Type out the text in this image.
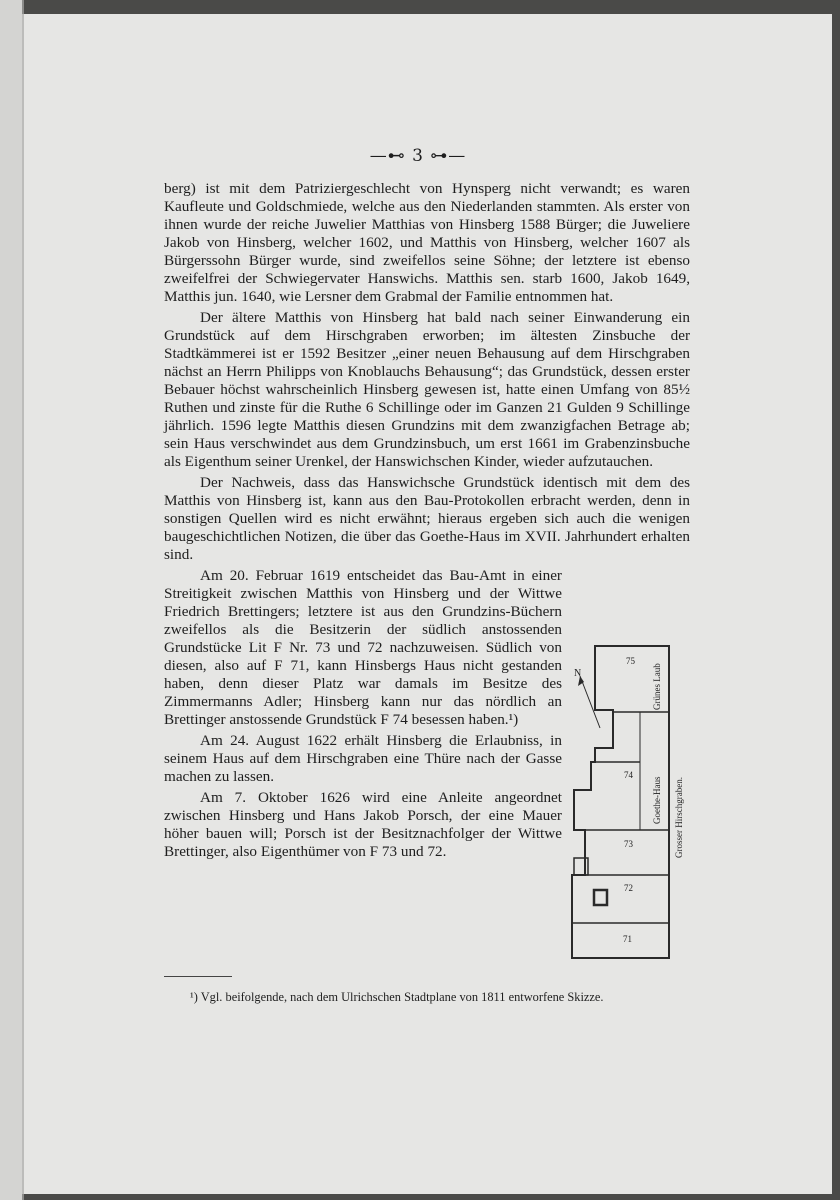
—⊷ 3 ⊶—

berg) ist mit dem Patriziergeschlecht von Hynsperg nicht verwandt; es waren Kaufleute und Goldschmiede, welche aus den Niederlanden stammten. Als erster von ihnen wurde der reiche Juwelier Matthias von Hinsberg 1588 Bürger; die Juweliere Jakob von Hinsberg, welcher 1602, und Matthis von Hinsberg, welcher 1607 als Bürgerssohn Bürger wurde, sind zweifellos seine Söhne; der letztere ist ebenso zweifelfrei der Schwiegervater Hanswichs. Matthis sen. starb 1600, Jakob 1649, Matthis jun. 1640, wie Lersner dem Grabmal der Familie entnommen hat.

Der ältere Matthis von Hinsberg hat bald nach seiner Einwanderung ein Grundstück auf dem Hirschgraben erworben; im ältesten Zinsbuche der Stadtkämmerei ist er 1592 Besitzer „einer neuen Behausung auf dem Hirschgraben nächst an Herrn Philipps von Knoblauchs Behausung“; das Grundstück, dessen erster Bebauer höchst wahrscheinlich Hinsberg gewesen ist, hatte einen Umfang von 85½ Ruthen und zinste für die Ruthe 6 Schillinge oder im Ganzen 21 Gulden 9 Schillinge jährlich. 1596 legte Matthis diesen Grundzins mit dem zwanzigfachen Betrage ab; sein Haus verschwindet aus dem Grundzinsbuch, um erst 1661 im Grabenzinsbuche als Eigenthum seiner Urenkel, der Hanswichschen Kinder, wieder aufzutauchen.

Der Nachweis, dass das Hanswichsche Grundstück identisch mit dem des Matthis von Hinsberg ist, kann aus den Bau-Protokollen erbracht werden, denn in sonstigen Quellen wird es nicht erwähnt; hieraus ergeben sich auch die wenigen baugeschichtlichen Notizen, die über das Goethe-Haus im XVII. Jahrhundert erhalten sind.

Am 20. Februar 1619 entscheidet das Bau-Amt in einer Streitigkeit zwischen Matthis von Hinsberg und der Wittwe Friedrich Brettingers; letztere ist aus den Grundzins-Büchern zweifellos als die Besitzerin der südlich anstossenden Grundstücke Lit F Nr. 73 und 72 nachzuweisen. Südlich von diesen, also auf F 71, kann Hinsbergs Haus nicht gestanden haben, denn dieser Platz war damals im Besitze des Zimmermanns Adler; Hinsberg kann nur das nördlich an Brettinger anstossende Grundstück F 74 besessen haben.¹)

Am 24. August 1622 erhält Hinsberg die Erlaubniss, in seinem Haus auf dem Hirschgraben eine Thüre nach der Gasse machen zu lassen.

Am 7. Oktober 1626 wird eine Anleite angeordnet zwischen Hinsberg und Hans Jakob Porsch, der eine Mauer höher bauen will; Porsch ist der Besitznachfolger der Wittwe Brettinger, also Eigenthümer von F 73 und 72.

N
75
74
73
72
71
Grünes Laub
Goethe-Haus Grosser Hirschgraben.
¹) Vgl. beifolgende, nach dem Ulrichschen Stadtplane von 1811 entworfene Skizze.
